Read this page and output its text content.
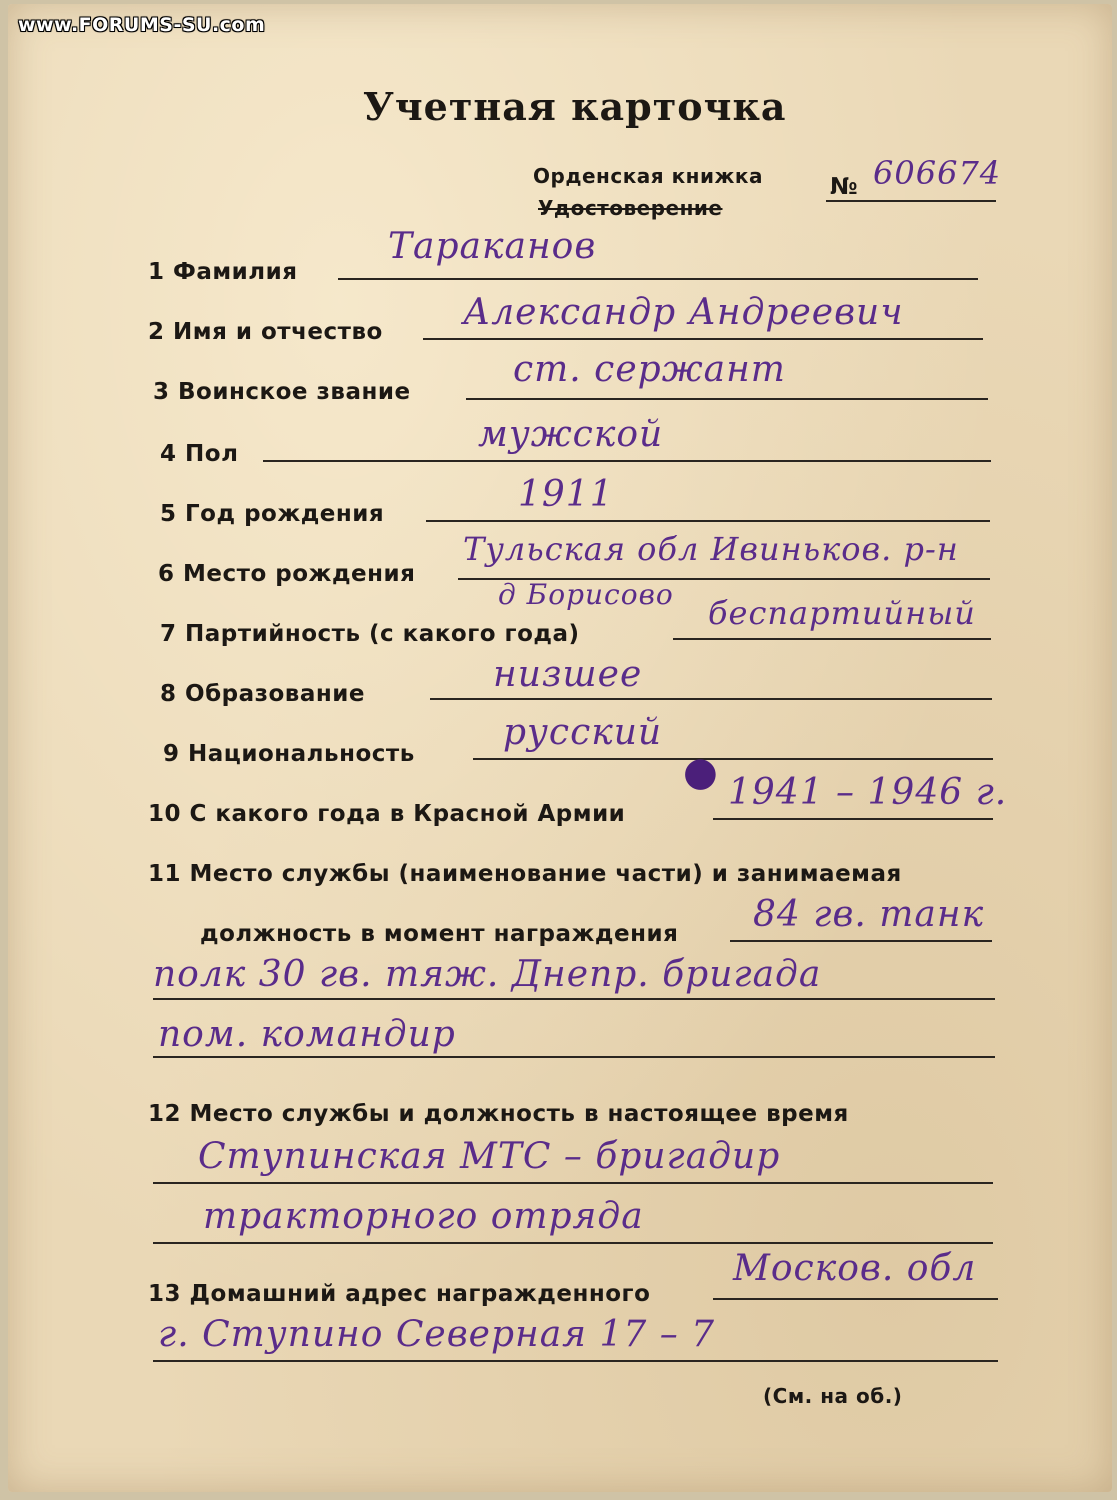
www.FORUMS-SU.com
Учетная карточка
Орденская книжка
Удостоверение
№ 606674
1 Фамилия
Тараканов
2 Имя и отчество Александр Андреевич
3 Воинское звание
ст. сержант
4 Пол	мужской
5 Год рождения	1911
6 Место рождения
Тульская обл Ивиньков. р-н
д Борисово
7 Партийность (с какого года)
беспартийный
8 Образование	низшее
9 Национальность
русский
10 С какого года в Красной Армии
1941 – 1946 г.
●
11 Место службы (наименование части) и занимаемая
должность в момент награждения 84 гв. танк
полк 30 гв. тяж. Днепр. бригада
пом. командир
12 Место службы и должность в настоящее время
Ступинская МТС – бригадир
тракторного отряда
13 Домашний адрес награжденного
Москов. обл
г. Ступино Северная 17 – 7
(См. на об.)
